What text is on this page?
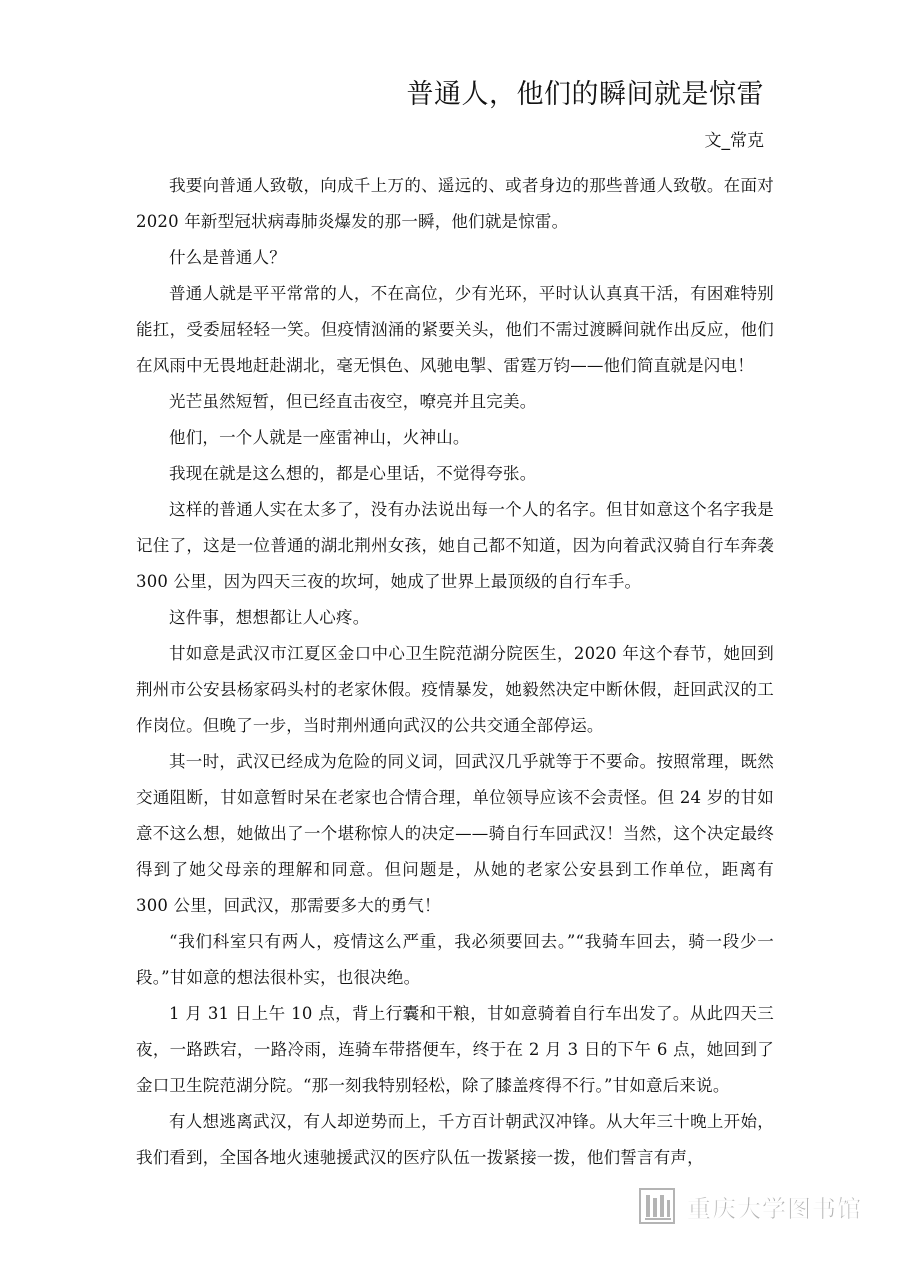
普通人，他们的瞬间就是惊雷
文_常克

我要向普通人致敬，向成千上万的、遥远的、或者身边的那些普通人致敬。在面对 2020 年新型冠状病毒肺炎爆发的那一瞬，他们就是惊雷。

什么是普通人？

普通人就是平平常常的人，不在高位，少有光环，平时认认真真干活，有困难特别能扛，受委屈轻轻一笑。但疫情汹涌的紧要关头，他们不需过渡瞬间就作出反应，他们在风雨中无畏地赶赴湖北，毫无惧色、风驰电掣、雷霆万钧——他们简直就是闪电！

光芒虽然短暂，但已经直击夜空，嘹亮并且完美。

他们，一个人就是一座雷神山，火神山。

我现在就是这么想的，都是心里话，不觉得夸张。

这样的普通人实在太多了，没有办法说出每一个人的名字。但甘如意这个名字我是记住了，这是一位普通的湖北荆州女孩，她自己都不知道，因为向着武汉骑自行车奔袭 300 公里，因为四天三夜的坎坷，她成了世界上最顶级的自行车手。

这件事，想想都让人心疼。

甘如意是武汉市江夏区金口中心卫生院范湖分院医生，2020 年这个春节，她回到荆州市公安县杨家码头村的老家休假。疫情暴发，她毅然决定中断休假，赶回武汉的工作岗位。但晚了一步，当时荆州通向武汉的公共交通全部停运。

其一时，武汉已经成为危险的同义词，回武汉几乎就等于不要命。按照常理，既然交通阻断，甘如意暂时呆在老家也合情合理，单位领导应该不会责怪。但 24 岁的甘如意不这么想，她做出了一个堪称惊人的决定——骑自行车回武汉！当然，这个决定最终得到了她父母亲的理解和同意。但问题是，从她的老家公安县到工作单位，距离有 300 公里，回武汉，那需要多大的勇气！

“我们科室只有两人，疫情这么严重，我必须要回去。”“我骑车回去，骑一段少一段。”甘如意的想法很朴实，也很决绝。

1 月 31 日上午 10 点，背上行囊和干粮，甘如意骑着自行车出发了。从此四天三夜，一路跌宕，一路冷雨，连骑车带搭便车，终于在 2 月 3 日的下午 6 点，她回到了金口卫生院范湖分院。“那一刻我特别轻松，除了膝盖疼得不行。”甘如意后来说。

有人想逃离武汉，有人却逆势而上，千方百计朝武汉冲锋。从大年三十晚上开始，我们看到，全国各地火速驰援武汉的医疗队伍一拨紧接一拨，他们誓言有声，

重庆大学图书馆
